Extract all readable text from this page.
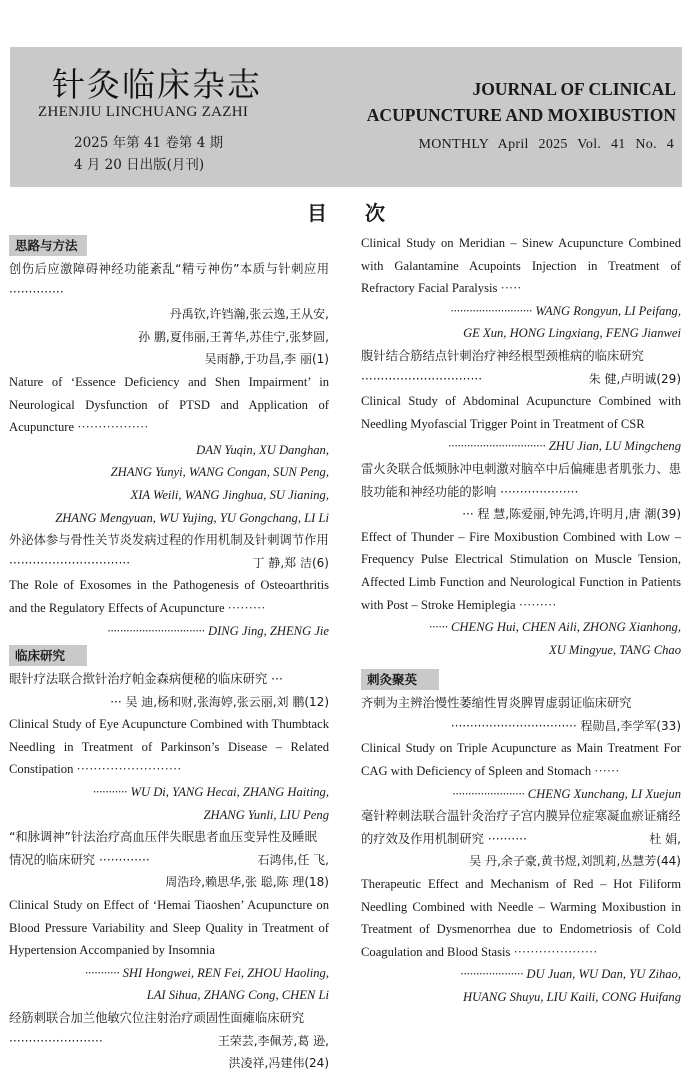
针灸临床杂志
ZHENJIU LINCHUANG ZAZHI
2025 年第 41 卷第 4 期
4 月 20 日出版(月刊)
JOURNAL OF CLINICAL
ACUPUNCTURE AND MOXIBUSTION
MONTHLY April 2025 Vol. 41 No. 4
目次
思路与方法
创伤后应激障碍神经功能紊乱“精亏神伤”本质与针刺应用 ··············
丹禹钦,许铛瀚,张云逸,王从安,
孙 鹏,夏伟丽,王菁华,苏佳宁,张梦圆,
吴雨静,于功昌,李 丽(1)
Nature of ‘Essence Deficiency and Shen Impairment’ in Neurological Dysfunction of PTSD and Application of Acupuncture ·················
DAN Yuqin, XU Danghan,
ZHANG Yunyi, WANG Congan, SUN Peng,
XIA Weili, WANG Jinghua, SU Jianing,
ZHANG Mengyuan, WU Yujing, YU Gongchang, LI Li
外泌体参与骨性关节炎发病过程的作用机制及针刺调节作用 ·······························	丁 静,郑 洁(6)
The Role of Exosomes in the Pathogenesis of Osteoarthritis and the Regulatory Effects of Acupuncture ·········
······························· DING Jing, ZHENG Jie
临床研究
眼针疗法联合揿针治疗帕金森病便秘的临床研究 ···
··· 吴 迪,杨和财,张海婷,张云丽,刘 鹏(12)
Clinical Study of Eye Acupuncture Combined with Thumbtack Needling in Treatment of Parkinson’s Disease – Related Constipation ·························
··········· WU Di, YANG Hecai, ZHANG Haiting,
ZHANG Yunli, LIU Peng
“和脉调神”针法治疗高血压伴失眠患者血压变异性及睡眠情况的临床研究 ·············	石鸿伟,任 飞,
周浩玲,赖思华,张 聪,陈 理(18)
Clinical Study on Effect of ‘Hemai Tiaoshen’ Acupuncture on Blood Pressure Variability and Sleep Quality in Treatment of Hypertension Accompanied by Insomnia
··········· SHI Hongwei, REN Fei, ZHOU Haoling,
LAI Sihua, ZHANG Cong, CHEN Li
经筋刺联合加兰他敏穴位注射治疗顽固性面瘫临床研究 ························	王荣芸,李佩芳,葛 逊,
洪凌祥,冯建伟(24)
Clinical Study on Meridian – Sinew Acupuncture Combined with Galantamine Acupoints Injection in Treatment of Refractory Facial Paralysis ·····
·························· WANG Rongyun, LI Peifang,
GE Xun, HONG Lingxiang, FENG Jianwei
腹针结合筋结点针刺治疗神经根型颈椎病的临床研究 ·······························	朱 健,卢明诚(29)
Clinical Study of Abdominal Acupuncture Combined with Needling Myofascial Trigger Point in Treatment of CSR
······························· ZHU Jian, LU Mingcheng
雷火灸联合低频脉冲电刺激对脑卒中后偏瘫患者肌张力、患肢功能和神经功能的影响 ····················
··· 程 慧,陈爱丽,钟先鸿,许明月,唐 潮(39)
Effect of Thunder – Fire Moxibustion Combined with Low – Frequency Pulse Electrical Stimulation on Muscle Tension, Affected Limb Function and Neurological Function in Patients with Post – Stroke Hemiplegia ·········
······ CHENG Hui, CHEN Aili, ZHONG Xianhong,
XU Mingyue, TANG Chao
刺灸聚英
齐刺为主辨治慢性萎缩性胃炎脾胃虚弱证临床研究
································· 程勋昌,李学军(33)
Clinical Study on Triple Acupuncture as Main Treatment For CAG with Deficiency of Spleen and Stomach ······
······················· CHENG Xunchang, LI Xuejun
毫针粹刺法联合温针灸治疗子宫内膜异位症寒凝血瘀证痛经的疗效及作用机制研究 ··········	杜 娟,
吴 丹,余子豪,黄书煜,刘凯莉,丛慧芳(44)
Therapeutic Effect and Mechanism of Red – Hot Filiform Needling Combined with Needle – Warming Moxibustion in Treatment of Dysmenorrhea due to Endometriosis of Cold Coagulation and Blood Stasis ····················
···················· DU Juan, WU Dan, YU Zihao,
HUANG Shuyu, LIU Kaili, CONG Huifang
